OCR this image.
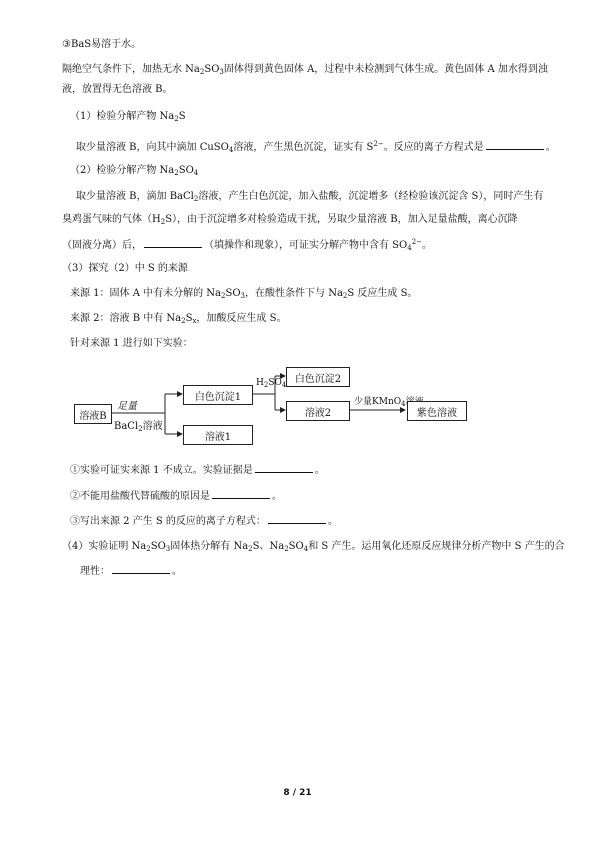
③BaS易溶于水。
隔绝空气条件下，加热无水 $Na_2SO_3$固体得到黄色固体 A，过程中未检测到气体生成。黄色固体 A 加水得到浊
液，放置得无色溶液 B。
（1）检验分解产物 $Na_2S$
取少量溶液 B，向其中滴加 CuSO$_4$溶液，产生黑色沉淀，证实有 $S^{2-}$。反应的离子方程式是	。
（2）检验分解产物 $Na_2SO_4$
取少量溶液 B，滴加 BaCl$_2$溶液，产生白色沉淀，加入盐酸，沉淀增多（经检验该沉淀含 S），同时产生有
臭鸡蛋气味的气体$(H_2S)$，由于沉淀增多对检验造成干扰，另取少量溶液 B，加入足量盐酸，离心沉降
（固液分离）后，	（填操作和现象），可证实分解产物中含有 $SO_4^{2-}$。
（3）探究（2）中 S 的来源
来源 1：固体 A 中有未分解的 $Na_2SO_3$，在酸性条件下与 $Na_2S$ 反应生成 S。
来源 2：溶液 B 中有 $Na_2S_x$，加酸反应生成 S。
针对来源 1 进行如下实验：
溶液B
足量
BaCl$_2$溶液
白色沉淀1
溶液1
$H_2SO_4$
白色沉淀2
溶液2
少量KMnO$_4$
紫色溶液
①实验可证实来源 1 不成立。实验证据是	。
②不能用盐酸代替硫酸的原因是	。
③写出来源 2 产生 S 的反应的离子方程式：	。
（4）实验证明 $Na_2SO_3$固体热分解有 $Na_2S$、$Na_2SO_4$和 S 产生。运用氧化还原反应规律分析产物中 S 产生的合
理性：	。
8 / 21
